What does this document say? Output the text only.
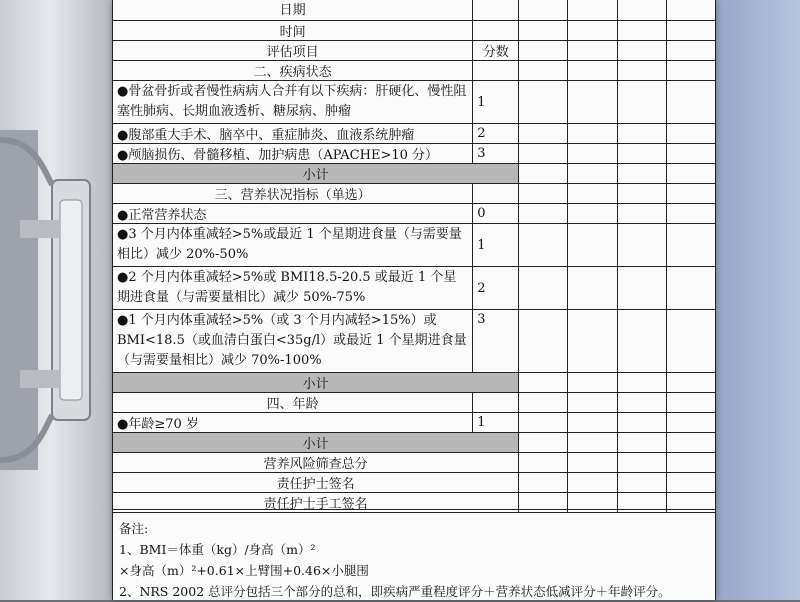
日期					
时间					
评估项目	分数				
二、疾病状态					
●骨盆骨折或者慢性病病人合并有以下疾病：肝硬化、慢性阻塞性肺病、长期血液透析、糖尿病、肿瘤	1				
●腹部重大手术、脑卒中、重症肺炎、血液系统肿瘤	2				
●颅脑损伤、骨髓移植、加护病患（APACHE>10 分）	3				
小计					
三、营养状况指标（单选）					
●正常营养状态	0				
●3 个月内体重减轻>5%或最近 1 个星期进食量（与需要量相比）减少 20%-50%	1				
●2 个月内体重减轻>5%或 BMI18.5-20.5 或最近 1 个星期进食量（与需要量相比）减少 50%-75%	2				
●1 个月内体重减轻>5%（或 3 个月内减轻>15%）或 BMI<18.5（或血清白蛋白<35g/l）或最近 1 个星期进食量（与需要量相比）减少 70%-100%	3				
小计					
四、年龄					
●年龄≥70 岁	1				
小计					
营养风险筛查总分					
责任护士签名					
责任护士手工签名					
备注:
1、BMI＝体重（kg）/身高（m）²
×身高（m）²+0.61×上臂围+0.46×小腿围
2、NRS 2002 总评分包括三个部分的总和，即疾病严重程度评分＋营养状态低减评分＋年龄评分。
